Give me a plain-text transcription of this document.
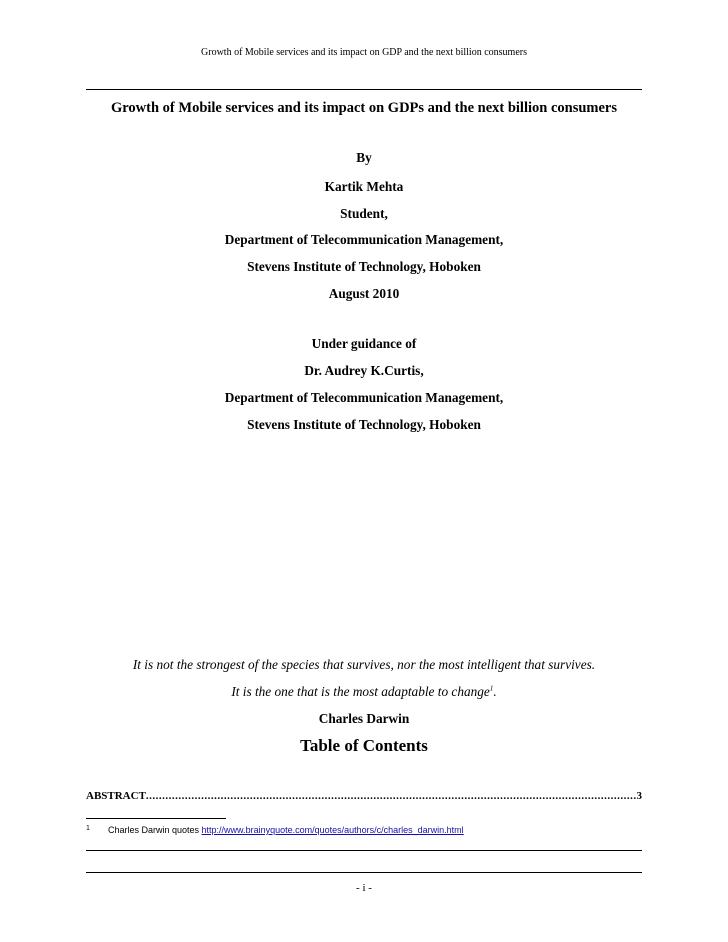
Growth of Mobile services and its impact on GDP and the next billion consumers
Growth of Mobile services and its impact on GDPs and the next billion consumers
By
Kartik Mehta
Student,
Department of Telecommunication Management,
Stevens Institute of Technology, Hoboken
August 2010
Under guidance of
Dr. Audrey K.Curtis,
Department of Telecommunication Management,
Stevens Institute of Technology, Hoboken
It is not the strongest of the species that survives, nor the most intelligent that survives.
It is the one that is the most adaptable to change$^1$.
Charles Darwin
Table of Contents
ABSTRACT
.....	3
1 Charles Darwin quotes http://www.brainyquote.com/quotes/authors/c/charles_darwin.html
- i -
